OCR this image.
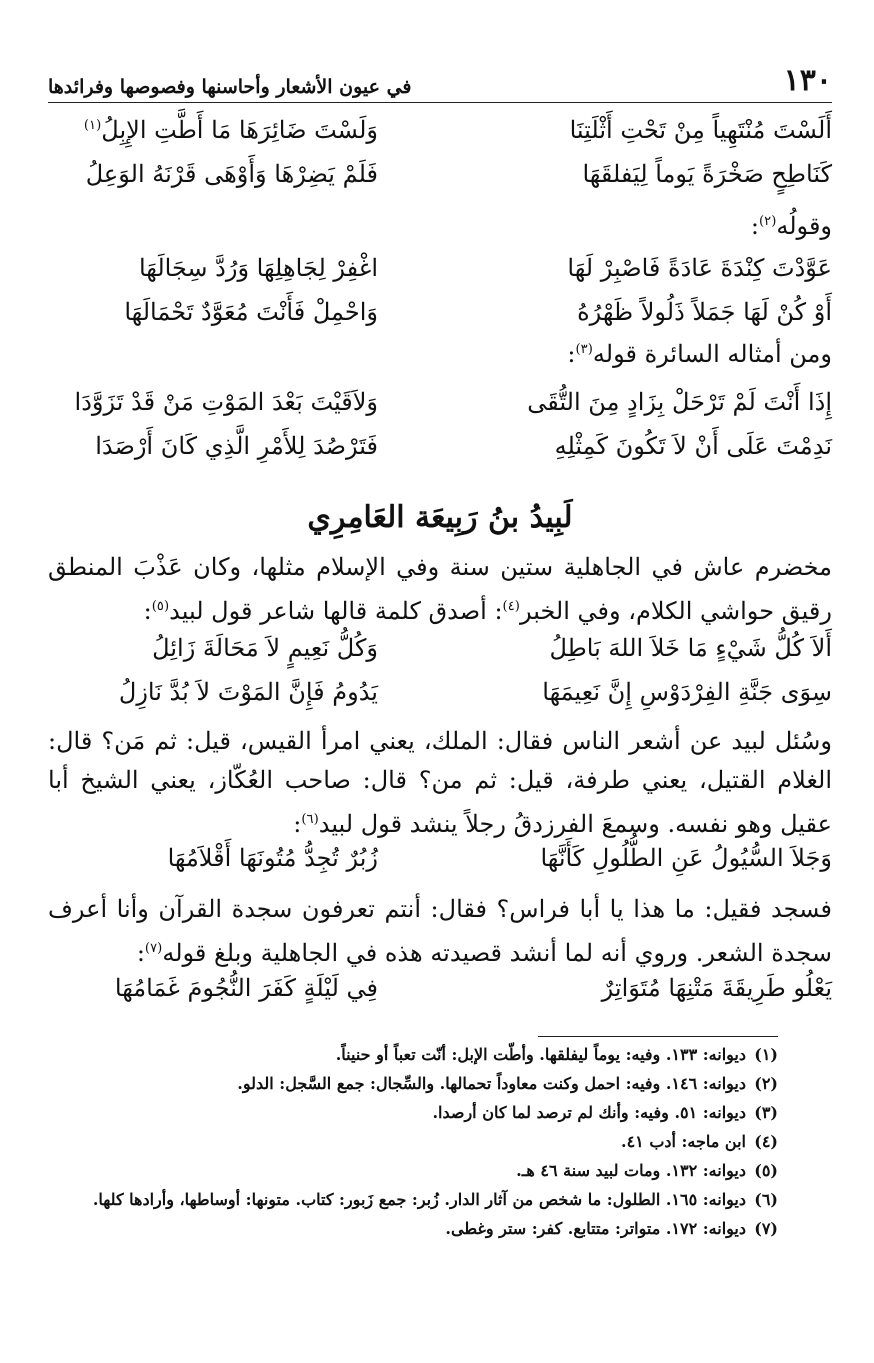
١٣٠
في عيون الأشعار وأحاسنها وفصوصها وفرائدها
أَلَسْتَ مُنْتَهِياً مِنْ تَحْتِ أَثْلَتِنَا
وَلَسْتَ ضَائِرَهَا مَا أَطَّتِ الإِبِلُ$^{(١)}$
كَنَاطِحٍ صَخْرَةً يَوماً لِيَفلقَهَا
فَلَمْ يَضِرْهَا وَأَوْهَى قَرْنَهُ الوَعِلُ
وقولُه$^{(٢)}$:
عَوَّدْتَ كِنْدَةَ عَادَةً فَاصْبِرْ لَهَا
اغْفِرْ لِجَاهِلِهَا وَرُدَّ سِجَالَهَا
أَوْ كُنْ لَهَا جَمَلاً ذَلُولاً ظَهْرُهُ
وَاحْمِلْ فَأَنْتَ مُعَوَّدٌ تَحْمَالَهَا
ومن أمثاله السائرة قوله$^{(٣)}$:
إِذَا أَنْتَ لَمْ تَرْحَلْ بِزَادٍ مِنَ التُّقَى
وَلاَقَيْتَ بَعْدَ المَوْتِ مَنْ قَدْ تَزَوَّدَا
نَدِمْتَ عَلَى أَنْ لاَ تَكُونَ كَمِثْلِهِ
فَتَرْصُدَ لِلأَمْرِ الَّذِي كَانَ أَرْصَدَا
لَبِيدُ بنُ رَبِيعَة العَامِرِي
مخضرم عاش في الجاهلية ستين سنة وفي الإسلام مثلها، وكان عَذْبَ المنطق رقيق حواشي الكلام، وفي الخبر$^{(٤)}$: أصدق كلمة قالها شاعر قول لبيد$^{(٥)}$:
أَلاَ كُلُّ شَيْءٍ مَا خَلاَ اللهَ بَاطِلُ
وَكُلُّ نَعِيمٍ لاَ مَحَالَةَ زَائِلُ
سِوَى جَنَّةِ الفِرْدَوْسِ إِنَّ نَعِيمَهَا
يَدُومُ فَإِنَّ المَوْتَ لاَ بُدَّ نَازِلُ
وسُئل لبيد عن أشعر الناس فقال: الملك، يعني امرأ القيس، قيل: ثم مَن؟ قال: الغلام القتيل، يعني طرفة، قيل: ثم من؟ قال: صاحب العُكّاز، يعني الشيخ أبا عقيل وهو نفسه. وسمعَ الفرزدقُ رجلاً ينشد قول لبيد$^{(٦)}$:
وَجَلاَ السُّيُولُ عَنِ الطُّلُولِ كَأَنَّهَا
زُبُرٌ تُجِدُّ مُتُونَهَا أَقْلاَمُهَا
فسجد فقيل: ما هذا يا أبا فراس؟ فقال: أنتم تعرفون سجدة القرآن وأنا أعرف سجدة الشعر. وروي أنه لما أنشد قصيدته هذه في الجاهلية وبلغ قوله$^{(٧)}$:
يَعْلُو طَرِيقَةَ مَتْنِهَا مُتَوَاتِرٌ
فِي لَيْلَةٍ كَفَرَ النُّجُومَ غَمَامُهَا
(١)
ديوانه: ١٣٣. وفيه: يوماً ليفلقها. وأطّت الإبل: أنّت تعباً أو حنيناً.
(٢)
ديوانه: ١٤٦. وفيه: احمل وكنت معاوداً تحمالها. والسِّجال: جمع السَّجل: الدلو.
(٣)
ديوانه: ٥١. وفيه: وأنك لم ترصد لما كان أرصدا.
(٤)
ابن ماجه: أدب ٤١.
(٥)
ديوانه: ١٣٢. ومات لبيد سنة ٤٦ هـ.
(٦)
ديوانه: ١٦٥. الطلول: ما شخص من آثار الدار. زُبر: جمع زَبور: كتاب. متونها: أوساطها، وأرادها كلها.
(٧)
ديوانه: ١٧٢. متواتر: متتابع. كفر: ستر وغطى.
